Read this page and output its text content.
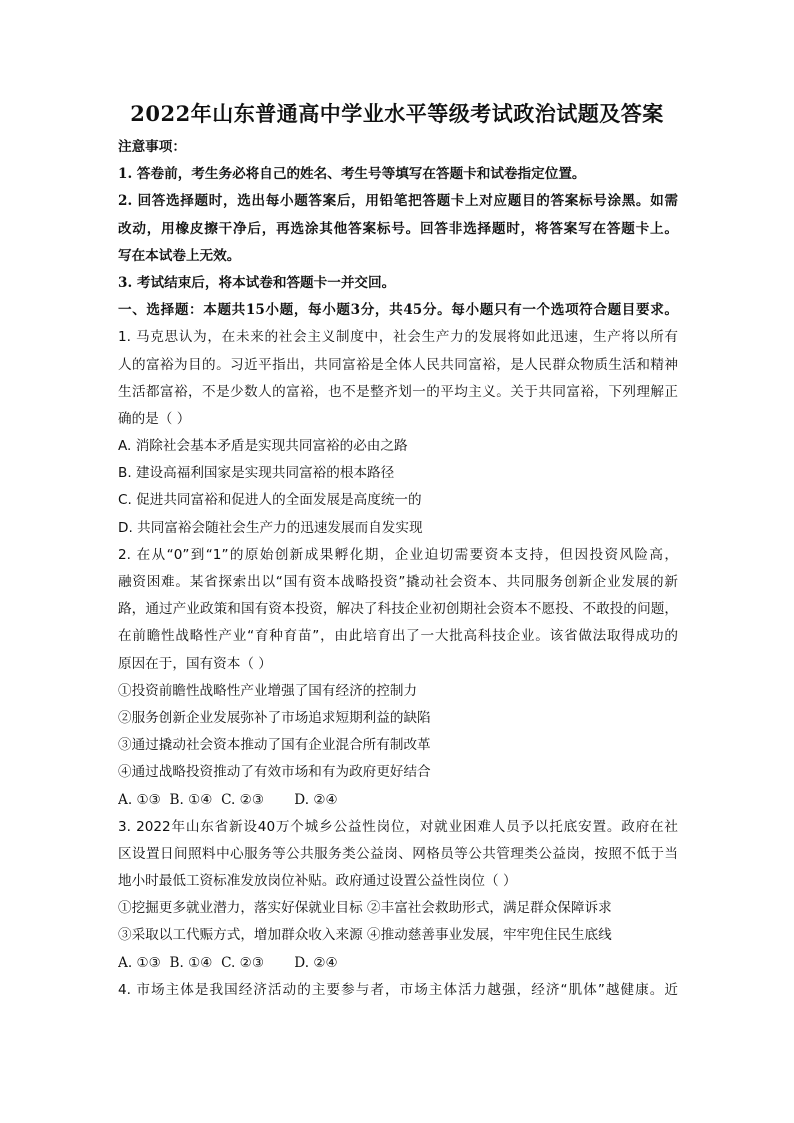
2022年山东普通高中学业水平等级考试政治试题及答案
注意事项：
1. 答卷前，考生务必将自己的姓名、考生号等填写在答题卡和试卷指定位置。
2. 回答选择题时，选出每小题答案后，用铅笔把答题卡上对应题目的答案标号涂黑。如需
改动，用橡皮擦干净后，再选涂其他答案标号。回答非选择题时，将答案写在答题卡上。
写在本试卷上无效。
3. 考试结束后，将本试卷和答题卡一并交回。
一、选择题：本题共15小题，每小题3分，共45分。每小题只有一个选项符合题目要求。
1. 马克思认为，在未来的社会主义制度中，社会生产力的发展将如此迅速，生产将以所有
人的富裕为目的。习近平指出，共同富裕是全体人民共同富裕，是人民群众物质生活和精神
生活都富裕，不是少数人的富裕，也不是整齐划一的平均主义。关于共同富裕，下列理解正
确的是（ ）
A. 消除社会基本矛盾是实现共同富裕的必由之路
B. 建设高福利国家是实现共同富裕的根本路径
C. 促进共同富裕和促进人的全面发展是高度统一的
D. 共同富裕会随社会生产力的迅速发展而自发实现
2. 在从“0”到“1”的原始创新成果孵化期，企业迫切需要资本支持，但因投资风险高，
融资困难。某省探索出以“国有资本战略投资”撬动社会资本、共同服务创新企业发展的新
路，通过产业政策和国有资本投资，解决了科技企业初创期社会资本不愿投、不敢投的问题，
在前瞻性战略性产业“育种育苗”，由此培育出了一大批高科技企业。该省做法取得成功的
原因在于，国有资本（ ）
①投资前瞻性战略性产业增强了国有经济的控制力
②服务创新企业发展弥补了市场追求短期利益的缺陷
③通过撬动社会资本推动了国有企业混合所有制改革
④通过战略投资推动了有效市场和有为政府更好结合
A. ①③  B. ①④  C. ②③       D. ②④
3. 2022年山东省新设40万个城乡公益性岗位，对就业困难人员予以托底安置。政府在社
区设置日间照料中心服务等公共服务类公益岗、网格员等公共管理类公益岗，按照不低于当
地小时最低工资标准发放岗位补贴。政府通过设置公益性岗位（ ）
①挖掘更多就业潜力，落实好保就业目标 ②丰富社会救助形式，满足群众保障诉求
③采取以工代赈方式，增加群众收入来源 ④推动慈善事业发展，牢牢兜住民生底线
A. ①③  B. ①④  C. ②③       D. ②④
4. 市场主体是我国经济活动的主要参与者，市场主体活力越强，经济“肌体”越健康。近
